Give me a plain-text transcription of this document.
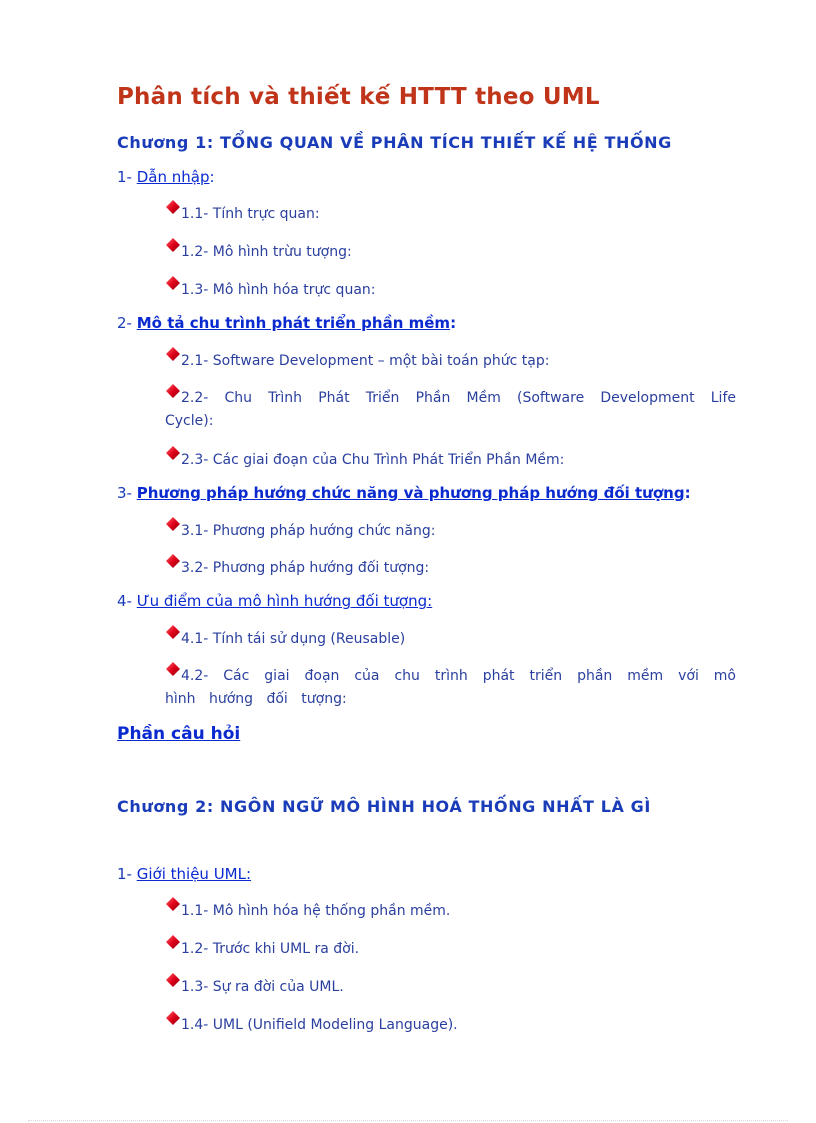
Phân tích và thiết kế HTTT theo UML
Chương 1: TỔNG QUAN VỀ PHÂN TÍCH THIẾT KẾ HỆ THỐNG
1- Dẫn nhập:
1.1- Tính trực quan:
1.2- Mô hình trừu tượng:
1.3- Mô hình hóa trực quan:
2- Mô tả chu trình phát triển phần mềm:
2.1- Software Development – một bài toán phức tạp:
2.2- Chu Trình Phát Triển Phần Mềm (Software Development Life Cycle):
2.3- Các giai đoạn của Chu Trình Phát Triển Phần Mềm:
3- Phương pháp hướng chức năng và phương pháp hướng đối tượng:
3.1- Phương pháp hướng chức năng:
3.2- Phương pháp hướng đối tượng:
4- Ưu điểm của mô hình hướng đối tượng:
4.1- Tính tái sử dụng (Reusable)
4.2- Các giai đoạn của chu trình phát triển phần mềm với mô hình hướng đối tượng:
Phần câu hỏi
Chương 2: NGÔN NGỮ MÔ HÌNH HOÁ THỐNG NHẤT LÀ GÌ
1- Giới thiệu UML:
1.1- Mô hình hóa hệ thống phần mềm.
1.2- Trước khi UML ra đời.
1.3- Sự ra đời của UML.
1.4- UML (Unifield Modeling Language).
